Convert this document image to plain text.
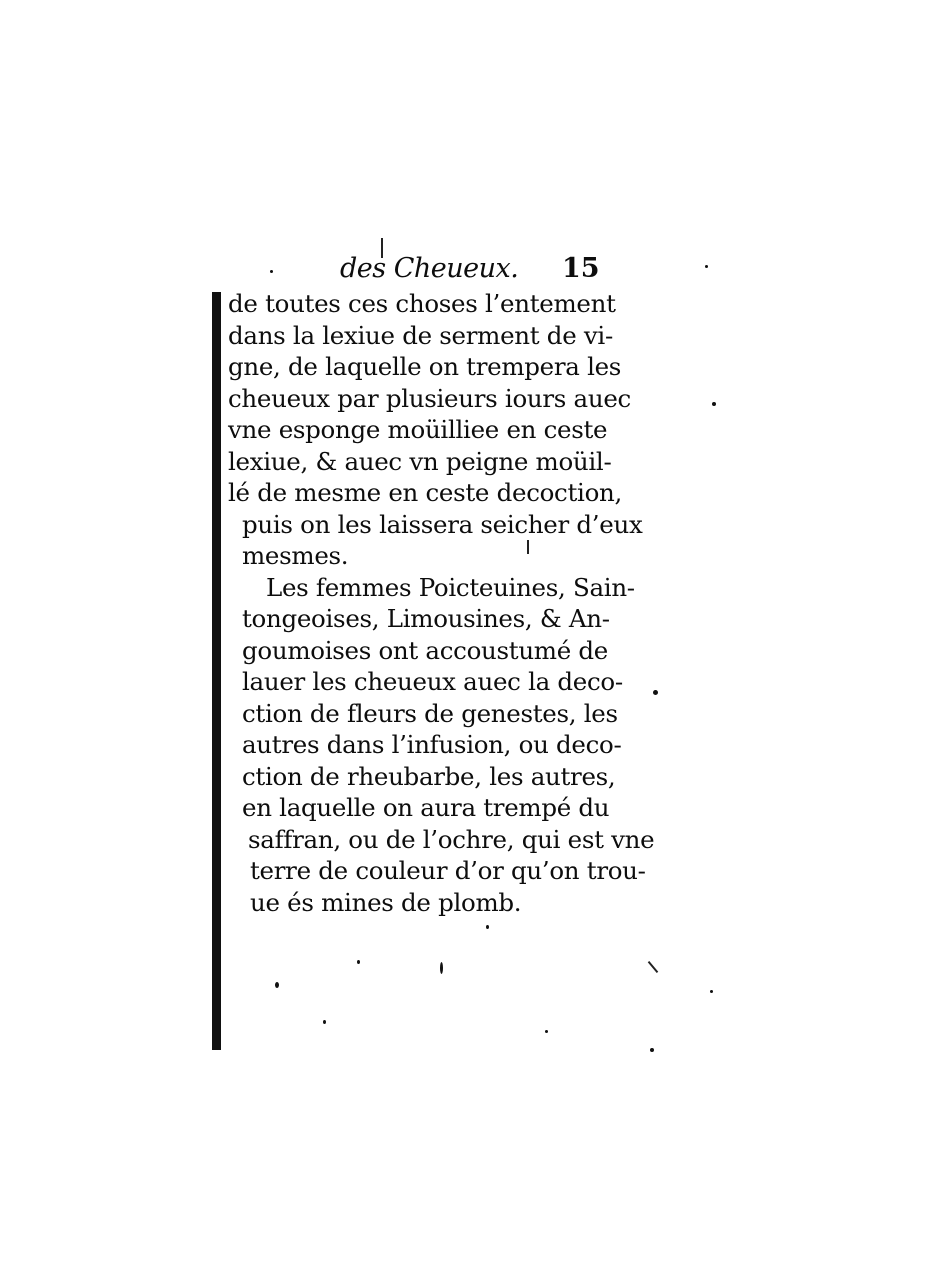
des Cheueux. 15
de toutes ces choses l’entement
dans la lexiue de serment de vi-
gne, de laquelle on trempera les
cheueux par plusieurs iours auec
vne esponge moüilliee en ceste
lexiue, & auec vn peigne moüil-
lé de mesme en ceste decoction,
puis on les laissera seicher d’eux
mesmes.
Les femmes Poicteuines, Sain-
tongeoises, Limousines, & An-
goumoises ont accoustumé de
lauer les cheueux auec la deco-
ction de fleurs de genestes, les
autres dans l’infusion, ou deco-
ction de rheubarbe, les autres,
en laquelle on aura trempé du
saffran, ou de l’ochre, qui est vne
terre de couleur d’or qu’on trou-
ue és mines de plomb.
